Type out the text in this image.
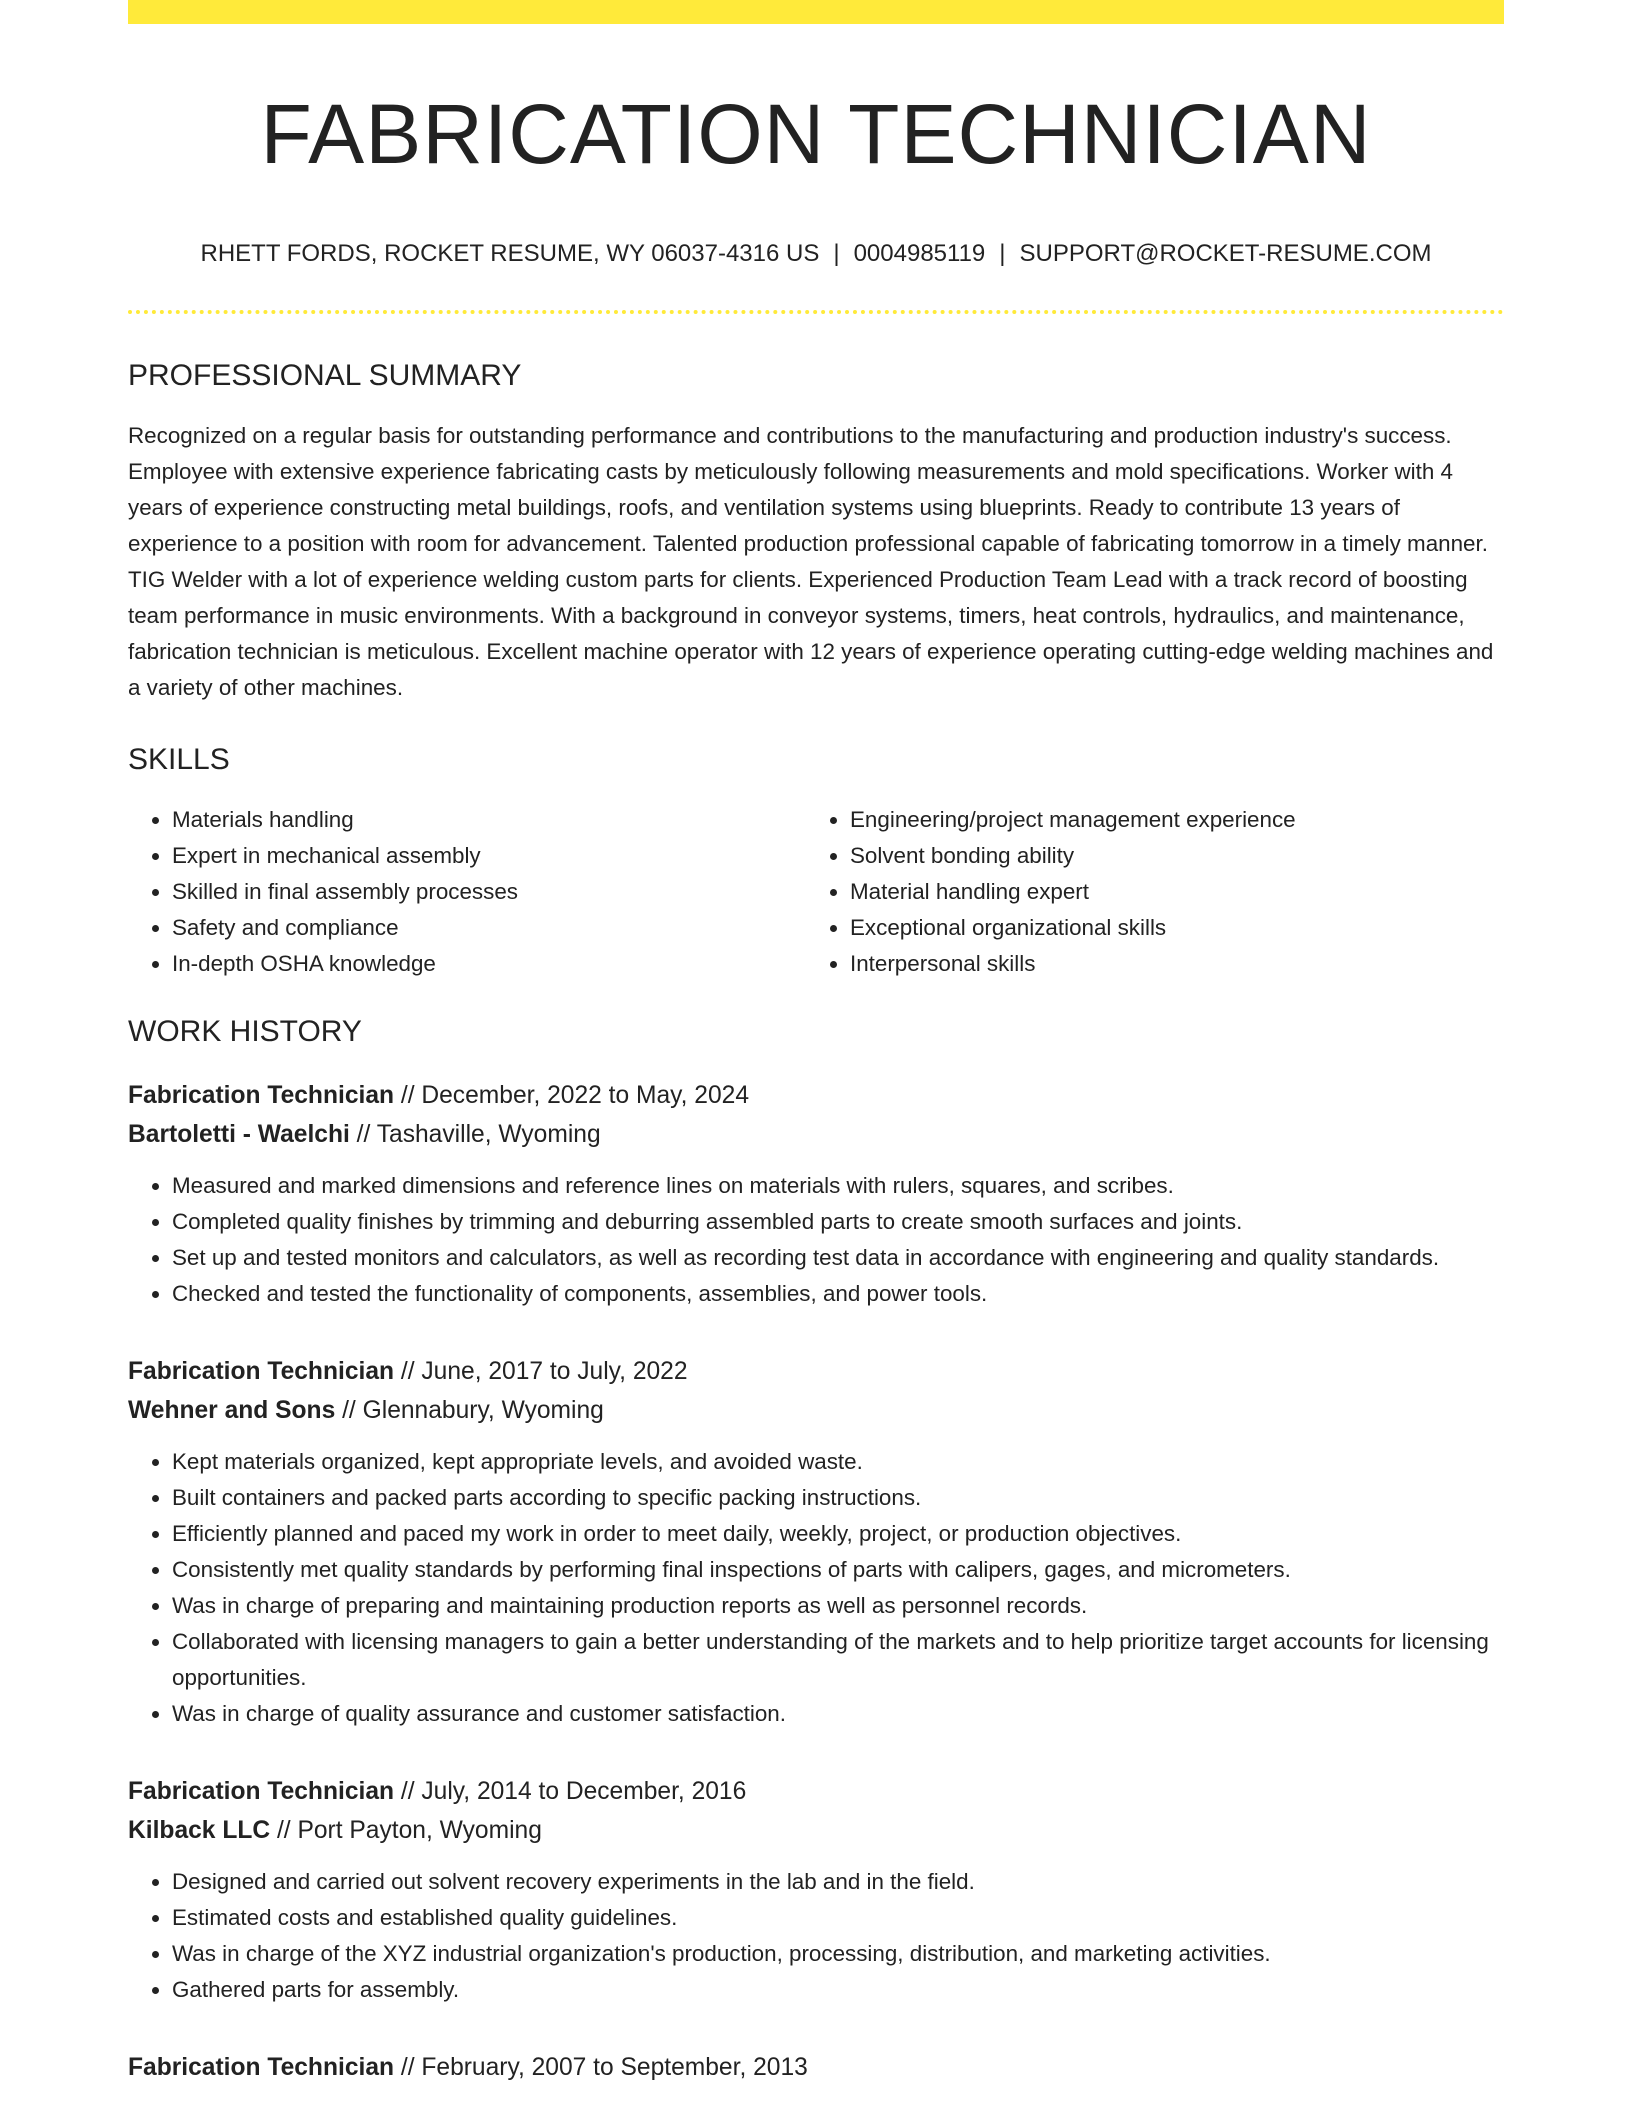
FABRICATION TECHNICIAN
RHETT FORDS, ROCKET RESUME, WY 06037-4316 US | 0004985119 | SUPPORT@ROCKET-RESUME.COM
PROFESSIONAL SUMMARY

Recognized on a regular basis for outstanding performance and contributions to the manufacturing and production industry's success. Employee with extensive experience fabricating casts by meticulously following measurements and mold specifications. Worker with 4 years of experience constructing metal buildings, roofs, and ventilation systems using blueprints. Ready to contribute 13 years of experience to a position with room for advancement. Talented production professional capable of fabricating tomorrow in a timely manner. TIG Welder with a lot of experience welding custom parts for clients. Experienced Production Team Lead with a track record of boosting team performance in music environments. With a background in conveyor systems, timers, heat controls, hydraulics, and maintenance, fabrication technician is meticulous. Excellent machine operator with 12 years of experience operating cutting-edge welding machines and a variety of other machines.

SKILLS
• Materials handling
• Expert in mechanical assembly
• Skilled in final assembly processes
• Safety and compliance
• In-depth OSHA knowledge
• Engineering/project management experience
• Solvent bonding ability
• Material handling expert
• Exceptional organizational skills
• Interpersonal skills
WORK HISTORY
Fabrication Technician // December, 2022 to May, 2024
Bartoletti - Waelchi // Tashaville, Wyoming
• Measured and marked dimensions and reference lines on materials with rulers, squares, and scribes.
• Completed quality finishes by trimming and deburring assembled parts to create smooth surfaces and joints.
• Set up and tested monitors and calculators, as well as recording test data in accordance with engineering and quality standards.
• Checked and tested the functionality of components, assemblies, and power tools.
Fabrication Technician // June, 2017 to July, 2022
Wehner and Sons // Glennabury, Wyoming
• Kept materials organized, kept appropriate levels, and avoided waste.
• Built containers and packed parts according to specific packing instructions.
• Efficiently planned and paced my work in order to meet daily, weekly, project, or production objectives.
• Consistently met quality standards by performing final inspections of parts with calipers, gages, and micrometers.
• Was in charge of preparing and maintaining production reports as well as personnel records.
• Collaborated with licensing managers to gain a better understanding of the markets and to help prioritize target accounts for licensing opportunities.
• Was in charge of quality assurance and customer satisfaction.
Fabrication Technician // July, 2014 to December, 2016
Kilback LLC // Port Payton, Wyoming
• Designed and carried out solvent recovery experiments in the lab and in the field.
• Estimated costs and established quality guidelines.
• Was in charge of the XYZ industrial organization's production, processing, distribution, and marketing activities.
• Gathered parts for assembly.
Fabrication Technician // February, 2007 to September, 2013
